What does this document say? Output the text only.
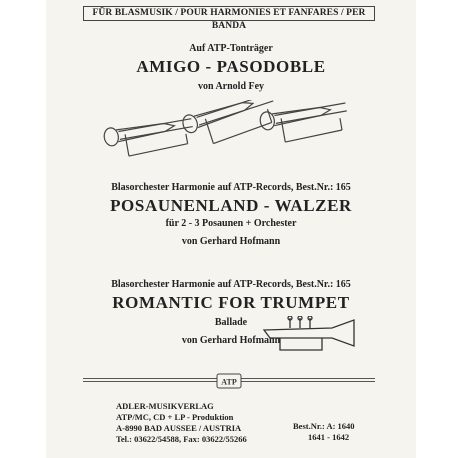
FÜR BLASMUSIK / POUR HARMONIES ET FANFARES / PER BANDA
Auf ATP-Tonträger
AMIGO - PASODOBLE
von Arnold Fey
Blasorchester Harmonie auf ATP-Records, Best.Nr.: 165
POSAUNENLAND - WALZER
für 2 - 3 Posaunen + Orchester
von Gerhard Hofmann
Blasorchester Harmonie auf ATP-Records, Best.Nr.: 165
ROMANTIC FOR TRUMPET
Ballade
von Gerhard Hofmann
ATP
ADLER-MUSIKVERLAG
ATP/MC, CD + LP - Produktion
A-8990 BAD AUSSEE / AUSTRIA
Tel.: 03622/54588, Fax: 03622/55266
Best.Nr.: A: 1640
1641 - 1642
